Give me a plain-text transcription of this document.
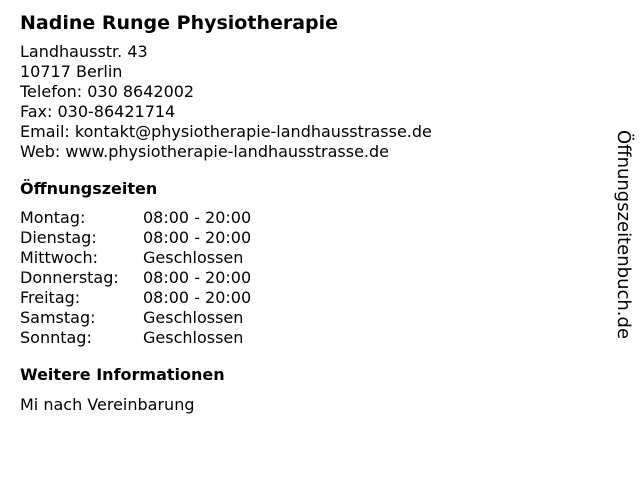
Nadine Runge Physiotherapie
Landhausstr. 43
10717 Berlin
Telefon: 030 8642002
Fax: 030-86421714
Email: kontakt@physiotherapie-landhausstrasse.de
Web: www.physiotherapie-landhausstrasse.de
Öffnungszeiten
Montag:	08:00 - 20:00
Dienstag:	08:00 - 20:00
Mittwoch:	Geschlossen
Donnerstag:	08:00 - 20:00
Freitag:	08:00 - 20:00
Samstag:	Geschlossen
Sonntag:	Geschlossen
Weitere Informationen
Mi nach Vereinbarung
Öffnungszeitenbuch.de
